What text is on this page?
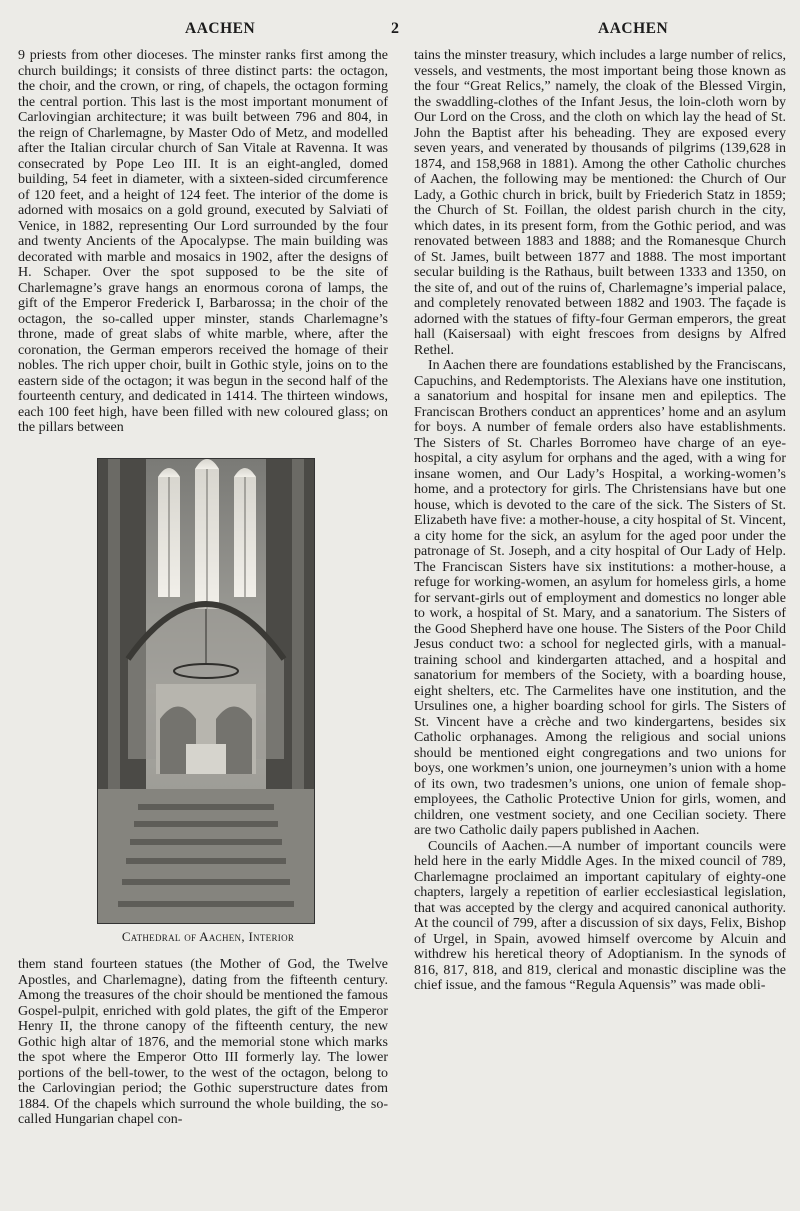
AACHEN	2	AACHEN

9 priests from other dioceses. The minster ranks first among the church buildings; it consists of three distinct parts: the octagon, the choir, and the crown, or ring, of chapels, the octagon forming the central portion. This last is the most important monument of Carlovingian architecture; it was built between 796 and 804, in the reign of Charlemagne, by Master Odo of Metz, and modelled after the Italian circular church of San Vitale at Ravenna. It was consecrated by Pope Leo III. It is an eight-angled, domed building, 54 feet in diameter, with a sixteen-sided circumference of 120 feet, and a height of 124 feet. The interior of the dome is adorned with mosaics on a gold ground, executed by Salviati of Venice, in 1882, representing Our Lord surrounded by the four and twenty Ancients of the Apocalypse. The main building was decorated with marble and mosaics in 1902, after the designs of H. Schaper. Over the spot supposed to be the site of Charlemagne’s grave hangs an enormous corona of lamps, the gift of the Emperor Frederick I, Barbarossa; in the choir of the octagon, the so-called upper minster, stands Charlemagne’s throne, made of great slabs of white marble, where, after the coronation, the German emperors received the homage of their nobles. The rich upper choir, built in Gothic style, joins on to the eastern side of the octagon; it was begun in the second half of the fourteenth century, and dedicated in 1414. The thirteen windows, each 100 feet high, have been filled with new coloured glass; on the pillars between

Cathedral of Aachen, Interior

them stand fourteen statues (the Mother of God, the Twelve Apostles, and Charlemagne), dating from the fifteenth century. Among the treasures of the choir should be mentioned the famous Gospel-pulpit, enriched with gold plates, the gift of the Emperor Henry II, the throne canopy of the fifteenth century, the new Gothic high altar of 1876, and the memorial stone which marks the spot where the Emperor Otto III formerly lay. The lower portions of the bell-tower, to the west of the octagon, belong to the Carlovingian period; the Gothic superstructure dates from 1884. Of the chapels which surround the whole building, the so-called Hungarian chapel con-

tains the minster treasury, which includes a large number of relics, vessels, and vestments, the most important being those known as the four “Great Relics,” namely, the cloak of the Blessed Virgin, the swaddling-clothes of the Infant Jesus, the loin-cloth worn by Our Lord on the Cross, and the cloth on which lay the head of St. John the Baptist after his beheading. They are exposed every seven years, and venerated by thousands of pilgrims (139,628 in 1874, and 158,968 in 1881). Among the other Catholic churches of Aachen, the following may be mentioned: the Church of Our Lady, a Gothic church in brick, built by Friederich Statz in 1859; the Church of St. Foillan, the oldest parish church in the city, which dates, in its present form, from the Gothic period, and was renovated between 1883 and 1888; and the Romanesque Church of St. James, built between 1877 and 1888. The most important secular building is the Rathaus, built between 1333 and 1350, on the site of, and out of the ruins of, Charlemagne’s imperial palace, and completely renovated between 1882 and 1903. The façade is adorned with the statues of fifty-four German emperors, the great hall (Kaisersaal) with eight frescoes from designs by Alfred Rethel.

In Aachen there are foundations established by the Franciscans, Capuchins, and Redemptorists. The Alexians have one institution, a sanatorium and hospital for insane men and epileptics. The Franciscan Brothers conduct an apprentices’ home and an asylum for boys. A number of female orders also have establishments. The Sisters of St. Charles Borromeo have charge of an eye-hospital, a city asylum for orphans and the aged, with a wing for insane women, and Our Lady’s Hospital, a working-women’s home, and a protectory for girls. The Christensians have but one house, which is devoted to the care of the sick. The Sisters of St. Elizabeth have five: a mother-house, a city hospital of St. Vincent, a city home for the sick, an asylum for the aged poor under the patronage of St. Joseph, and a city hospital of Our Lady of Help. The Franciscan Sisters have six institutions: a mother-house, a refuge for working-women, an asylum for homeless girls, a home for servant-girls out of employment and domestics no longer able to work, a hospital of St. Mary, and a sanatorium. The Sisters of the Good Shepherd have one house. The Sisters of the Poor Child Jesus conduct two: a school for neglected girls, with a manual-training school and kindergarten attached, and a hospital and sanatorium for members of the Society, with a boarding house, eight shelters, etc. The Carmelites have one institution, and the Ursulines one, a higher boarding school for girls. The Sisters of St. Vincent have a crèche and two kindergartens, besides six Catholic orphanages. Among the religious and social unions should be mentioned eight congregations and two unions for boys, one workmen’s union, one journeymen’s union with a home of its own, two tradesmen’s unions, one union of female shop-employees, the Catholic Protective Union for girls, women, and children, one vestment society, and one Cecilian society. There are two Catholic daily papers published in Aachen.

Councils of Aachen.—A number of important councils were held here in the early Middle Ages. In the mixed council of 789, Charlemagne proclaimed an important capitulary of eighty-one chapters, largely a repetition of earlier ecclesiastical legislation, that was accepted by the clergy and acquired canonical authority. At the council of 799, after a discussion of six days, Felix, Bishop of Urgel, in Spain, avowed himself overcome by Alcuin and withdrew his heretical theory of Adoptianism. In the synods of 816, 817, 818, and 819, clerical and monastic discipline was the chief issue, and the famous “Regula Aquensis” was made obli-
